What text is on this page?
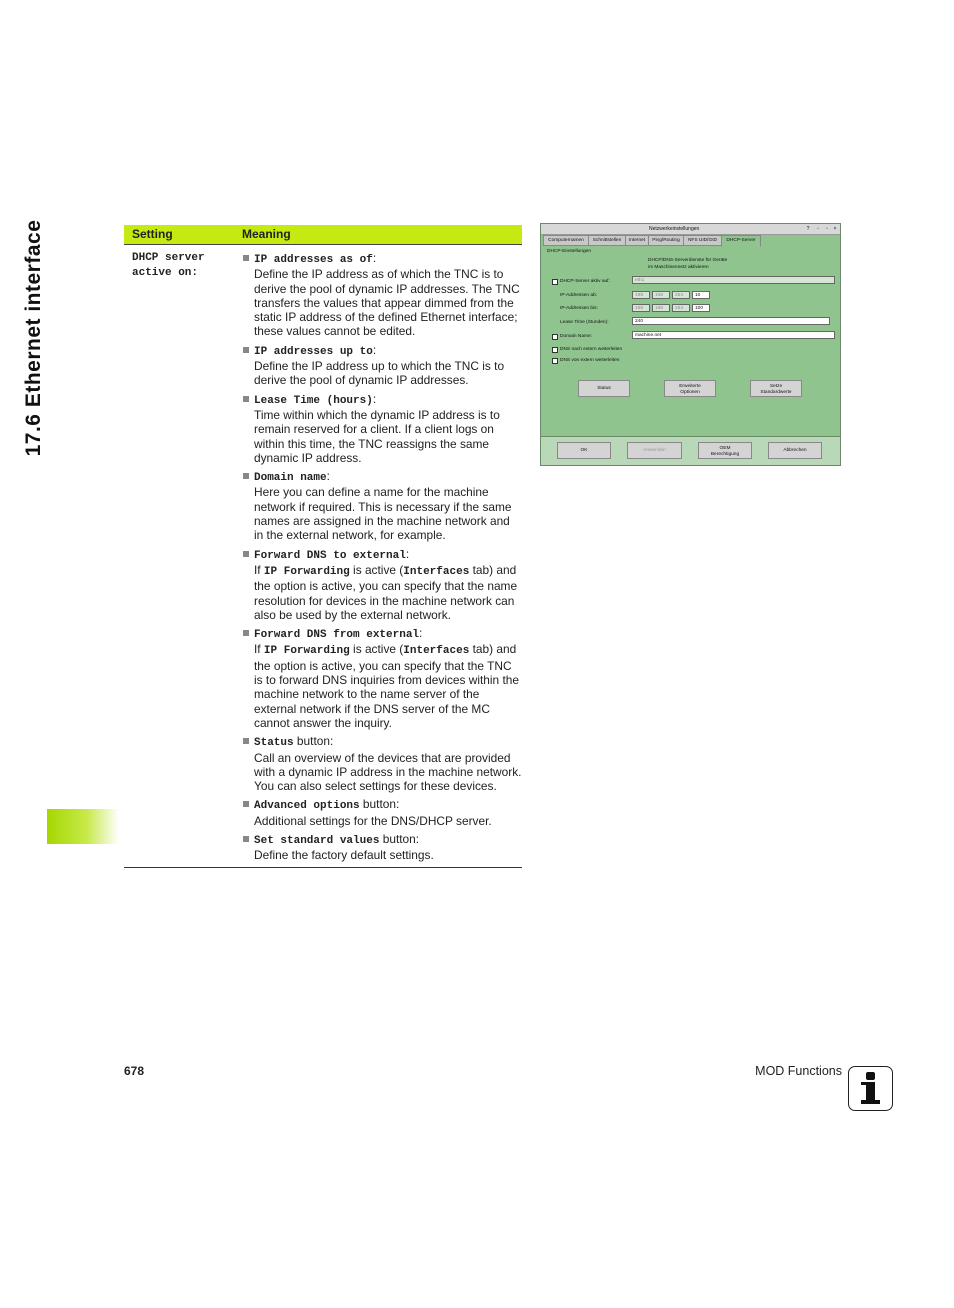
17.6 Ethernet interface	Setting	Meaning
DHCP server active on:
IP addresses as of:
Define the IP address as of which the TNC is to derive the pool of dynamic IP addresses. The TNC transfers the values that appear dimmed from the static IP address of the defined Ethernet interface; these values cannot be edited.
IP addresses up to:
Define the IP address up to which the TNC is to derive the pool of dynamic IP addresses.
Lease Time (hours):
Time within which the dynamic IP address is to remain reserved for a client. If a client logs on within this time, the TNC reassigns the same dynamic IP address.
Domain name:
Here you can define a name for the machine network if required. This is necessary if the same names are assigned in the machine network and in the external network, for example.
Forward DNS to external:
If IP Forwarding is active (Interfaces tab) and the option is active, you can specify that the name resolution for devices in the machine network can also be used by the external network.
Forward DNS from external:
If IP Forwarding is active (Interfaces tab) and the option is active, you can specify that the TNC is to forward DNS inquiries from devices within the machine network to the name server of the external network if the DNS server of the MC cannot answer the inquiry.
Status button:
Call an overview of the devices that are provided with a dynamic IP address in the machine network. You can also select settings for these devices.
Advanced options button:
Additional settings for the DNS/DHCP server.
Set standard values button:
Define the factory default settings.
Netzwerkeinstellungen	?	▫	▫	×
Computernamen	Schnittstellen	Internet	Ping/Routing	NFS UID/GID	DHCP-Server
DHCP-Einstellungen
DHCP/DNS-Serverdienste für Geräte
im Maschinennetz aktivieren
DHCP-Server aktiv auf:	eth1
IP-Addressen ab:	198	168	254	10
IP-Addressen bis:	198	168	254	100
Lease Time (Stunden):	240
Domain Name:	machine.net
DNS nach extern weiterleiten
DNS von extern weiterleiten
Status	Erweiterte
Optionen
Setze
Standardwerte
OK	Anwenden	OEM
Berechtigung
Abbrechen
678	MOD Functions
